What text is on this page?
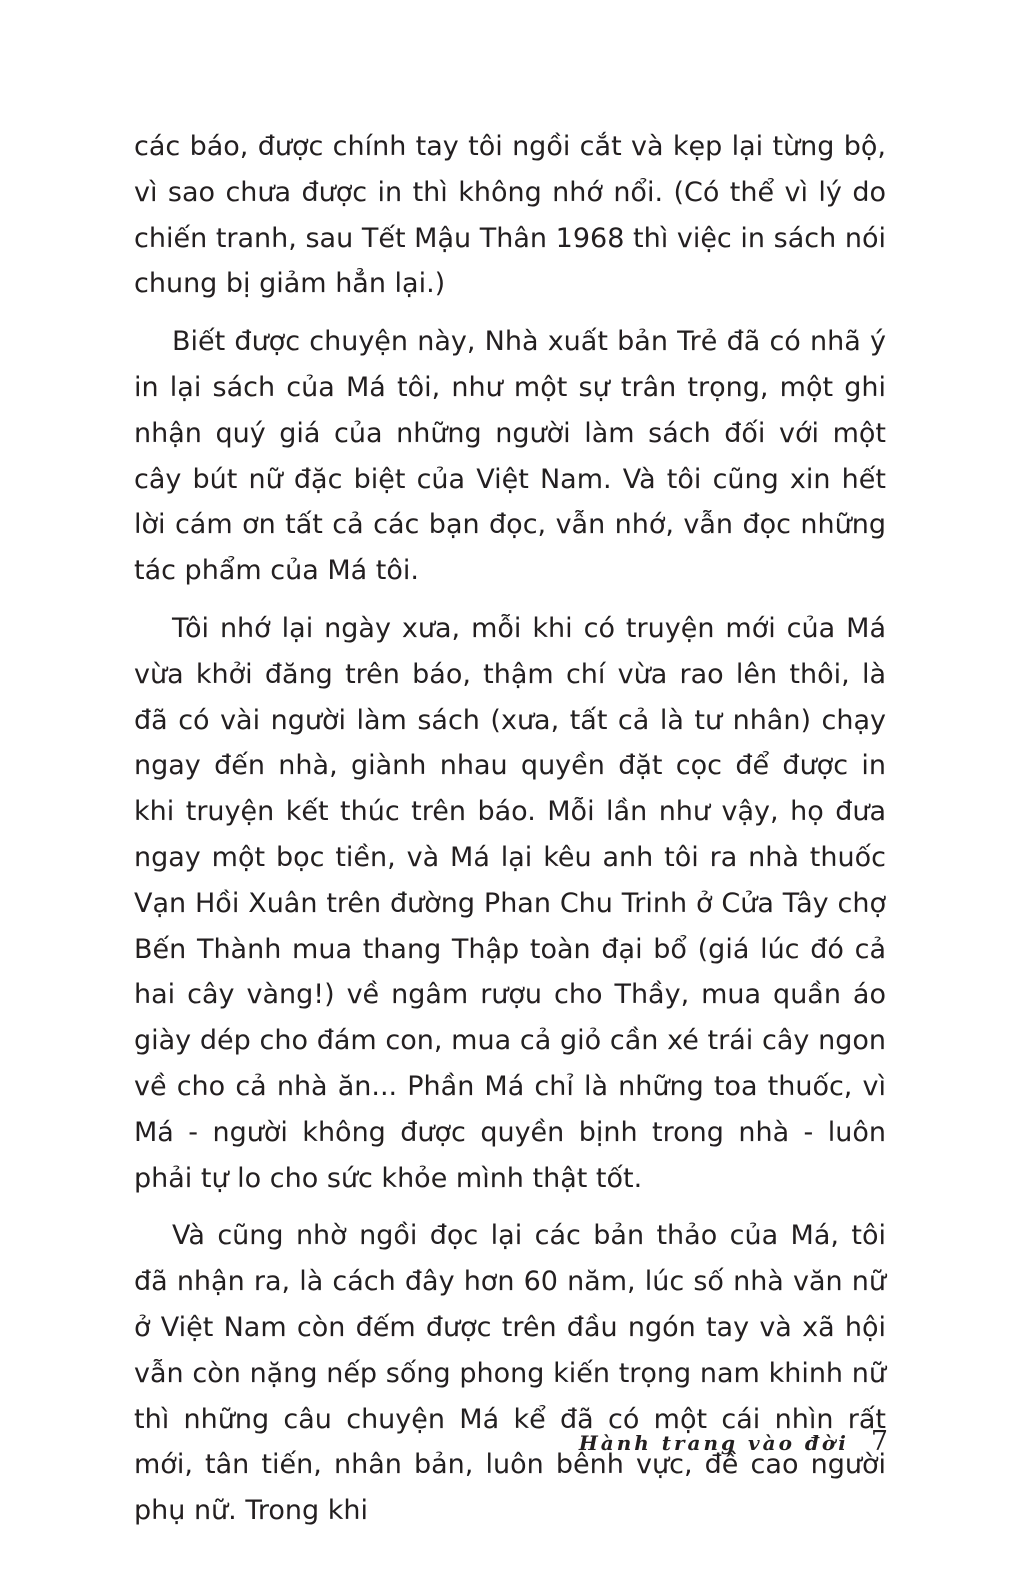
các báo, được chính tay tôi ngồi cắt và kẹp lại từng bộ, vì sao chưa được in thì không nhớ nổi. (Có thể vì lý do chiến tranh, sau Tết Mậu Thân 1968 thì việc in sách nói chung bị giảm hẳn lại.)

Biết được chuyện này, Nhà xuất bản Trẻ đã có nhã ý in lại sách của Má tôi, như một sự trân trọng, một ghi nhận quý giá của những người làm sách đối với một cây bút nữ đặc biệt của Việt Nam. Và tôi cũng xin hết lời cám ơn tất cả các bạn đọc, vẫn nhớ, vẫn đọc những tác phẩm của Má tôi.

Tôi nhớ lại ngày xưa, mỗi khi có truyện mới của Má vừa khởi đăng trên báo, thậm chí vừa rao lên thôi, là đã có vài người làm sách (xưa, tất cả là tư nhân) chạy ngay đến nhà, giành nhau quyền đặt cọc để được in khi truyện kết thúc trên báo. Mỗi lần như vậy, họ đưa ngay một bọc tiền, và Má lại kêu anh tôi ra nhà thuốc Vạn Hồi Xuân trên đường Phan Chu Trinh ở Cửa Tây chợ Bến Thành mua thang Thập toàn đại bổ (giá lúc đó cả hai cây vàng!) về ngâm rượu cho Thầy, mua quần áo giày dép cho đám con, mua cả giỏ cần xé trái cây ngon về cho cả nhà ăn... Phần Má chỉ là những toa thuốc, vì Má - người không được quyền bịnh trong nhà - luôn phải tự lo cho sức khỏe mình thật tốt.

Và cũng nhờ ngồi đọc lại các bản thảo của Má, tôi đã nhận ra, là cách đây hơn 60 năm, lúc số nhà văn nữ ở Việt Nam còn đếm được trên đầu ngón tay và xã hội vẫn còn nặng nếp sống phong kiến trọng nam khinh nữ thì những câu chuyện Má kể đã có một cái nhìn rất mới, tân tiến, nhân bản, luôn bênh vực, đề cao người phụ nữ. Trong khi

Hành trang vào đời 7
